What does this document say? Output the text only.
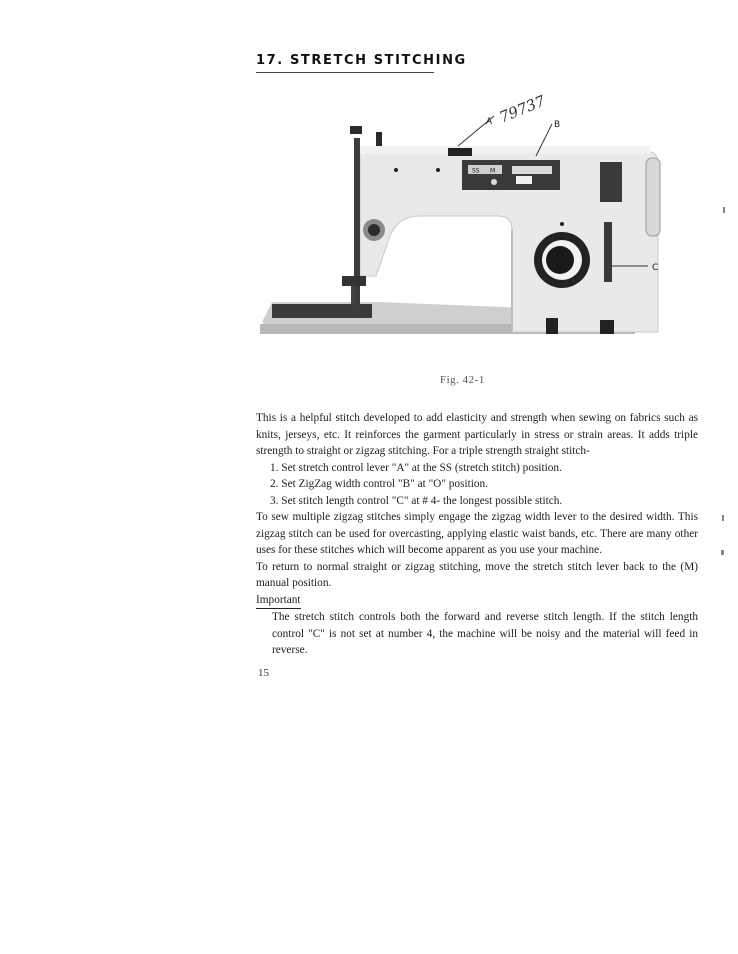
17. STRETCH STITCHING
79737
A
SS M
B
C
Fig. 42-1

This is a helpful stitch developed to add elasticity and strength when sewing on fabrics such as knits, jerseys, etc. It reinforces the garment particularly in stress or strain areas. It adds triple strength to straight or zigzag stitching. For a triple strength straight stitch-

1. Set stretch control lever "A" at the SS (stretch stitch) position.

2. Set ZigZag width control "B" at "O" position.

3. Set stitch length control "C" at # 4- the longest possible stitch.

To sew multiple zigzag stitches simply engage the zigzag width lever to the desired width. This zigzag stitch can be used for overcasting, applying elastic waist bands, etc. There are many other uses for these stitches which will become apparent as you use your machine.

To return to normal straight or zigzag stitching, move the stretch stitch lever back to the (M) manual position.

Important

The stretch stitch controls both the forward and reverse stitch length. If the stitch length control "C" is not set at number 4, the machine will be noisy and the material will feed in reverse.

15
